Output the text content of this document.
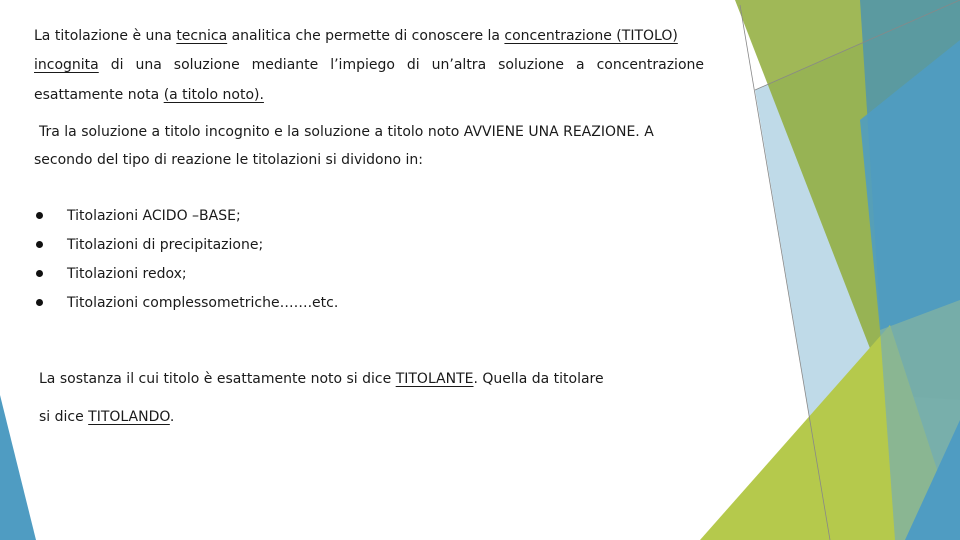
La titolazione è una tecnica analitica che permette di conoscere la concentrazione (TITOLO)
incognita di una soluzione mediante l’impiego di un’altra soluzione a concentrazione
esattamente nota (a titolo noto).
Tra la soluzione a titolo incognito e la soluzione a titolo noto AVVIENE UNA REAZIONE. A
secondo del tipo di reazione le titolazioni si dividono in:
Titolazioni ACIDO –BASE;
Titolazioni di precipitazione;
Titolazioni redox;
Titolazioni complessometriche…….etc.
La sostanza il cui titolo è esattamente noto si dice TITOLANTE. Quella da titolare
si dice TITOLANDO.
